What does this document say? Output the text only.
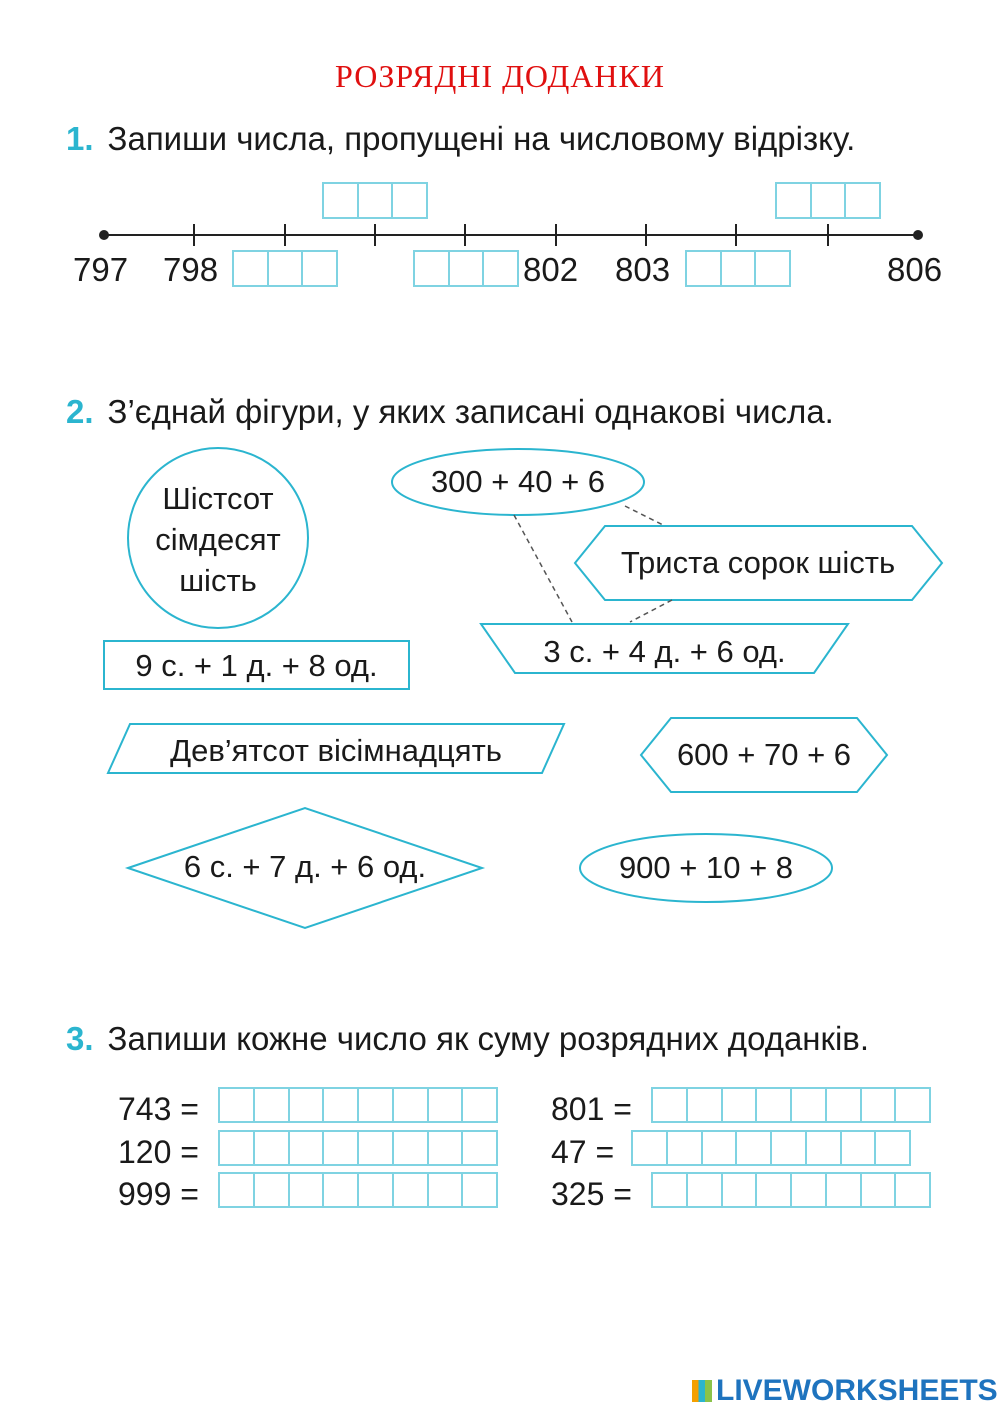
РОЗРЯДНІ ДОДАНКИ
1. Запиши числа, пропущені на числовому відрізку.
797 798	802 803	806
2. З’єднай фігури, у яких записані однакові числа.
Шістсот
сімдесят
шість
300 + 40 + 6
Триста сорок шість
3 с. + 4 д. + 6 од.
9 с. + 1 д. + 8 од.
Дев’ятсот вісімнадцять	600 + 70 + 6
6 с. + 7 д. + 6 од.	900 + 10 + 8
3. Запиши кожне число як суму розрядних доданків.
743 =
120 =
999 =
801 =
47 =
325 =
LIVEWORKSHEETS
